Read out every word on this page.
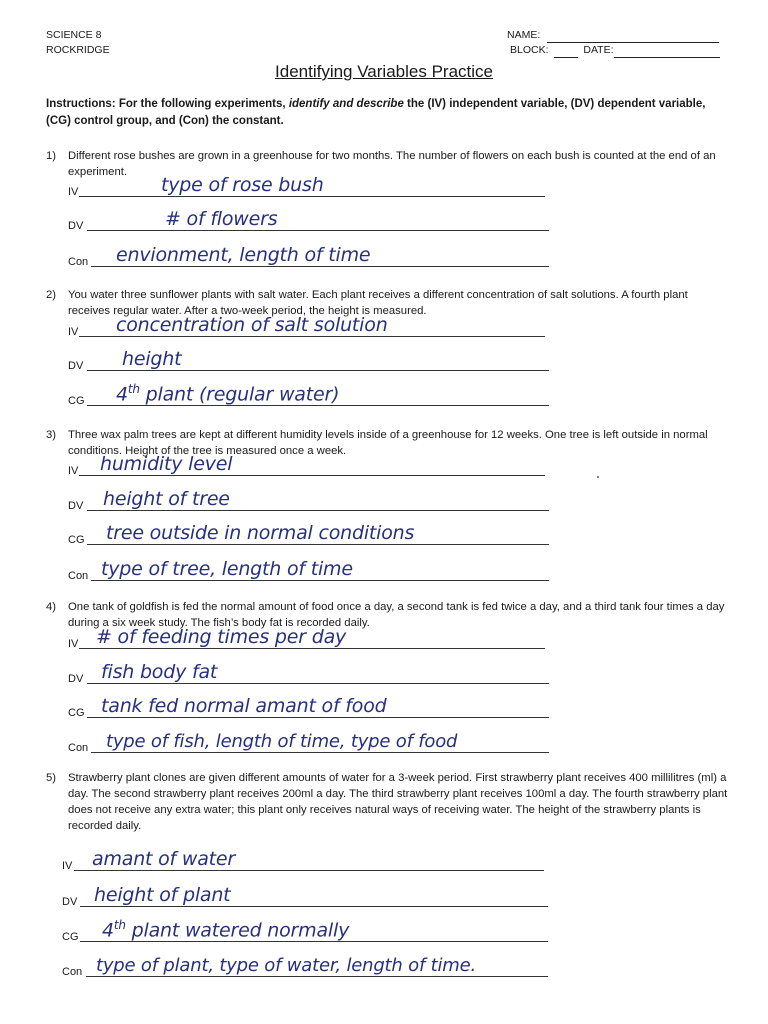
SCIENCE 8
ROCKRIDGE
NAME:
BLOCK:	DATE:
Identifying Variables Practice
Instructions: For the following experiments, identify and describe the (IV) independent variable, (DV) dependent variable, (CG) control group, and (Con) the constant.
1) Different rose bushes are grown in a greenhouse for two months. The number of flowers on each bush is counted at the end of an experiment.
IV	type of rose bush
DV	# of flowers
Con envionment, length of time
2) You water three sunflower plants with salt water. Each plant receives a different concentration of salt solutions. A fourth plant receives regular water. After a two-week period, the height is measured.
IV concentration of salt solution
DV height
CG 4th plant (regular water)
3) Three wax palm trees are kept at different humidity levels inside of a greenhouse for 12 weeks. One tree is left outside in normal conditions. Height of the tree is measured once a week.
IV humidity level
DV height of tree
CG tree outside in normal conditions
Con type of tree, length of time
4) One tank of goldfish is fed the normal amount of food once a day, a second tank is fed twice a day, and a third tank four times a day during a six week study. The fish’s body fat is recorded daily.
IV # of feeding times per day
DV fish body fat
CG tank fed normal amant of food
Con type of fish, length of time, type of food
5) Strawberry plant clones are given different amounts of water for a 3-week period. First strawberry plant receives 400 millilitres (ml) a day. The second strawberry plant receives 200ml a day. The third strawberry plant receives 100ml a day. The fourth strawberry plant does not receive any extra water; this plant only receives natural ways of receiving water. The height of the strawberry plants is recorded daily.
IV amant of water
DV height of plant
CG 4th plant watered normally
Con type of plant, type of water, length of time.
